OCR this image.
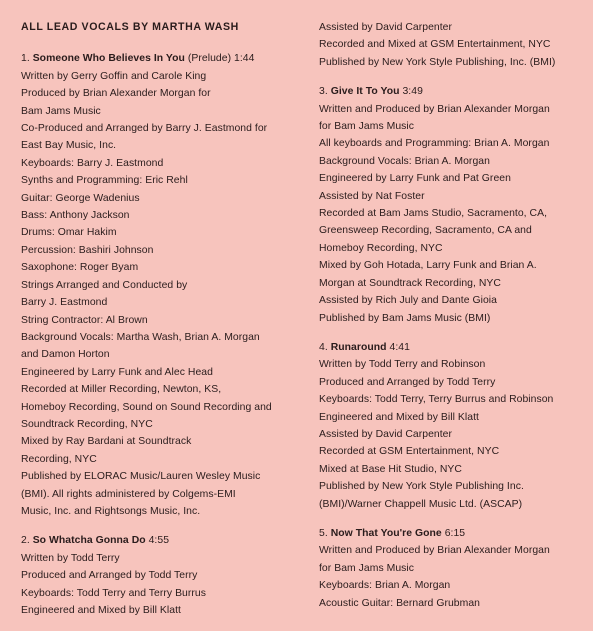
ALL LEAD VOCALS BY MARTHA WASH
1. Someone Who Believes In You (Prelude) 1:44
Written by Gerry Goffin and Carole King
Produced by Brian Alexander Morgan for
Bam Jams Music
Co-Produced and Arranged by Barry J. Eastmond for
East Bay Music, Inc.
Keyboards: Barry J. Eastmond
Synths and Programming: Eric Rehl
Guitar: George Wadenius
Bass: Anthony Jackson
Drums: Omar Hakim
Percussion: Bashiri Johnson
Saxophone: Roger Byam
Strings Arranged and Conducted by
Barry J. Eastmond
String Contractor: Al Brown
Background Vocals: Martha Wash, Brian A. Morgan
and Damon Horton
Engineered by Larry Funk and Alec Head
Recorded at Miller Recording, Newton, KS,
Homeboy Recording, Sound on Sound Recording and
Soundtrack Recording, NYC
Mixed by Ray Bardani at Soundtrack
Recording, NYC
Published by ELORAC Music/Lauren Wesley Music
(BMI). All rights administered by Colgems-EMI
Music, Inc. and Rightsongs Music, Inc.
2. So Whatcha Gonna Do 4:55
Written by Todd Terry
Produced and Arranged by Todd Terry
Keyboards: Todd Terry and Terry Burrus
Engineered and Mixed by Bill Klatt
Assisted by David Carpenter
Recorded and Mixed at GSM Entertainment, NYC
Published by New York Style Publishing, Inc. (BMI)
3. Give It To You 3:49
Written and Produced by Brian Alexander Morgan
for Bam Jams Music
All keyboards and Programming: Brian A. Morgan
Background Vocals: Brian A. Morgan
Engineered by Larry Funk and Pat Green
Assisted by Nat Foster
Recorded at Bam Jams Studio, Sacramento, CA,
Greensweep Recording, Sacramento, CA and
Homeboy Recording, NYC
Mixed by Goh Hotada, Larry Funk and Brian A.
Morgan at Soundtrack Recording, NYC
Assisted by Rich July and Dante Gioia
Published by Bam Jams Music (BMI)
4. Runaround 4:41
Written by Todd Terry and Robinson
Produced and Arranged by Todd Terry
Keyboards: Todd Terry, Terry Burrus and Robinson
Engineered and Mixed by Bill Klatt
Assisted by David Carpenter
Recorded at GSM Entertainment, NYC
Mixed at Base Hit Studio, NYC
Published by New York Style Publishing Inc.
(BMI)/Warner Chappell Music Ltd. (ASCAP)
5. Now That You're Gone 6:15
Written and Produced by Brian Alexander Morgan
for Bam Jams Music
Keyboards: Brian A. Morgan
Acoustic Guitar: Bernard Grubman
